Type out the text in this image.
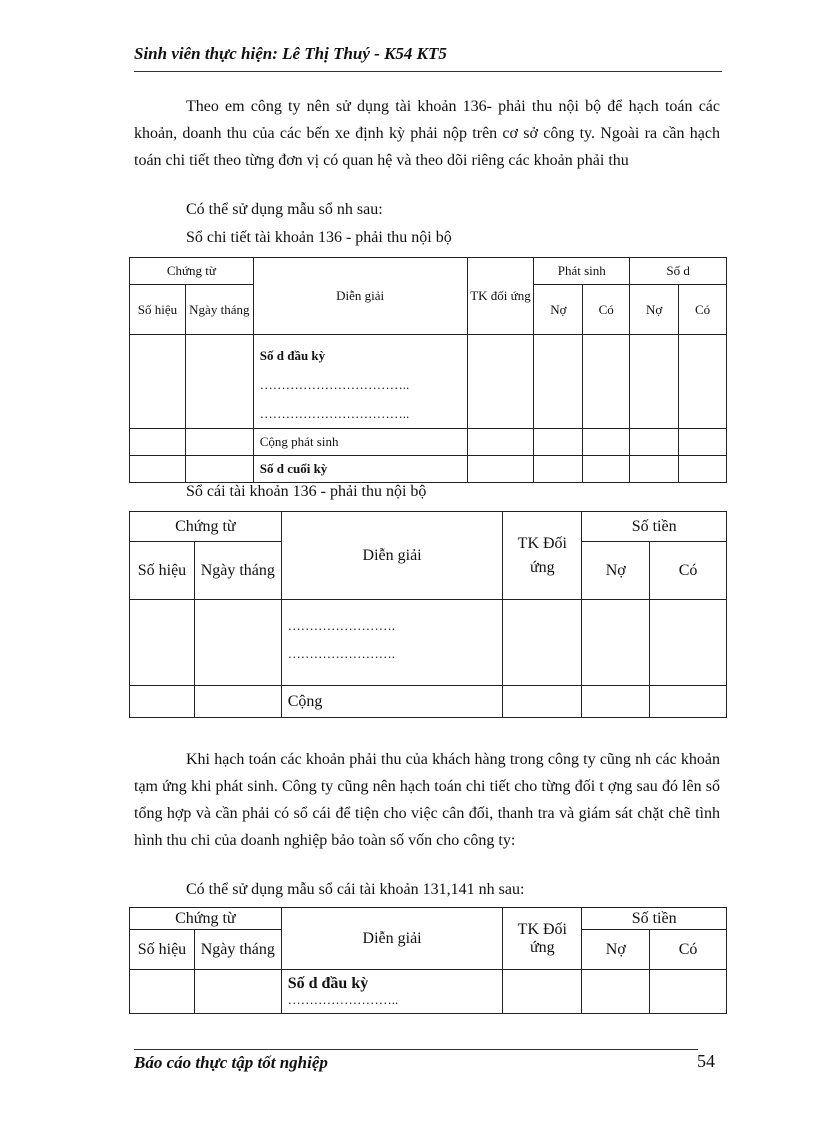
Sinh viên thực hiện: Lê Thị Thuý - K54 KT5
Theo em công ty nên sử dụng tài khoản 136- phải thu nội bộ để hạch toán các khoản, doanh thu của các bến xe định kỳ phải nộp trên cơ sở công ty. Ngoài ra cần hạch toán chi tiết theo từng đơn vị có quan hệ và theo dõi riêng các khoản phải thu
Có thể sử dụng mẫu sổ nh sau:
Sổ chi tiết tài khoản 136 - phải thu nội bộ
Chứng từ		Diễn giải	TK đối ứng	Phát sinh		Số d	
Số hiệu	Ngày tháng			Nợ	Có	Nợ	Có

		Số d đầu kỳ
……………………………..
……………………………..					

		Cộng phát sinh					
		Số d cuối kỳ					
Sổ cái tài khoản 136 - phải thu nội bộ
Chứng từ		Diễn giải	TK Đối ứng	Số tiền	
Số hiệu	Ngày tháng			Nợ	Có

		…………………….
…………………….			

		Cộng			
Khi hạch toán các khoản phải thu của khách hàng trong công ty cũng nh các khoản tạm ứng khi phát sinh. Công ty cũng nên hạch toán chi tiết cho từng đối t ợng sau đó lên sổ tổng hợp và cần phải có sổ cái để tiện cho việc cân đối, thanh tra và giám sát chặt chẽ tình hình thu chi của doanh nghiệp bảo toàn số vốn cho công ty:
Có thể sử dụng mẫu sổ cái tài khoản 131,141 nh sau:
Chứng từ		Diễn giải	TK Đối ứng	Số tiền	
Số hiệu	Ngày tháng			Nợ	Có

		Số d đầu kỳ
……………………..			

Báo cáo thực tập tốt nghiệp	54
